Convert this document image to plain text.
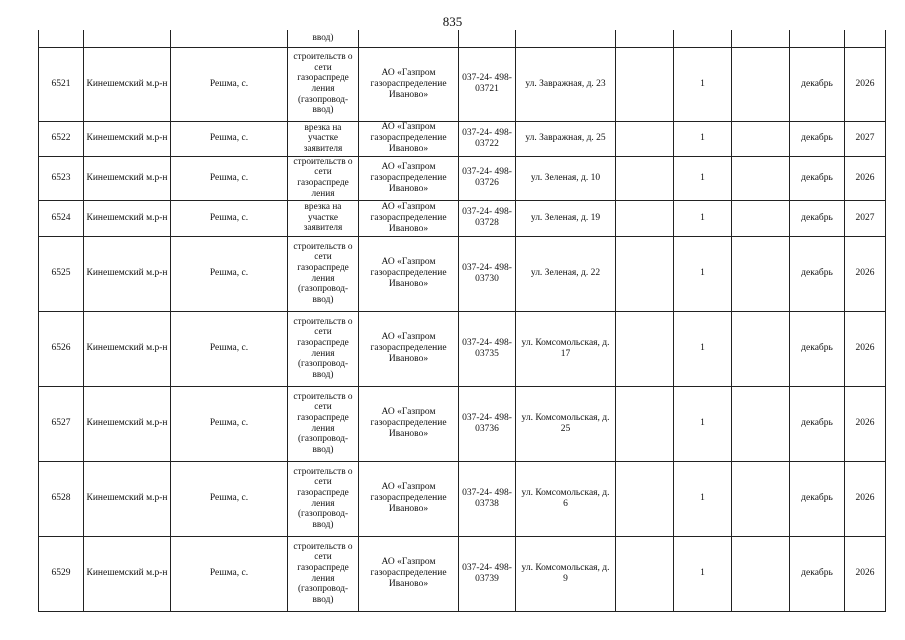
835
			ввод)								
6521	Кинешемский м.р-н	Решма, с.	строительств о сети газораспреде ления (газопровод- ввод)	АО «Газпром газораспределение Иваново»	037-24- 498-03721	ул. Завражная, д. 23		1		декабрь	2026
6522	Кинешемский м.р-н	Решма, с.	врезка на участке заявителя	АО «Газпром газораспределение Иваново»	037-24- 498-03722	ул. Завражная, д. 25		1		декабрь	2027
6523	Кинешемский м.р-н	Решма, с.	строительств о сети газораспреде ления	АО «Газпром газораспределение Иваново»	037-24- 498-03726	ул. Зеленая, д. 10		1		декабрь	2026
6524	Кинешемский м.р-н	Решма, с.	врезка на участке заявителя	АО «Газпром газораспределение Иваново»	037-24- 498-03728	ул. Зеленая, д. 19		1		декабрь	2027
6525	Кинешемский м.р-н	Решма, с.	строительств о сети газораспреде ления (газопровод- ввод)	АО «Газпром газораспределение Иваново»	037-24- 498-03730	ул. Зеленая, д. 22		1		декабрь	2026
6526	Кинешемский м.р-н	Решма, с.	строительств о сети газораспреде ления (газопровод- ввод)	АО «Газпром газораспределение Иваново»	037-24- 498-03735	ул. Комсомольская, д. 17		1		декабрь	2026
6527	Кинешемский м.р-н	Решма, с.	строительств о сети газораспреде ления (газопровод- ввод)	АО «Газпром газораспределение Иваново»	037-24- 498-03736	ул. Комсомольская, д. 25		1		декабрь	2026
6528	Кинешемский м.р-н	Решма, с.	строительств о сети газораспреде ления (газопровод- ввод)	АО «Газпром газораспределение Иваново»	037-24- 498-03738	ул. Комсомольская, д. 6		1		декабрь	2026
6529	Кинешемский м.р-н	Решма, с.	строительств о сети газораспреде ления (газопровод- ввод)	АО «Газпром газораспределение Иваново»	037-24- 498-03739	ул. Комсомольская, д. 9		1		декабрь	2026
